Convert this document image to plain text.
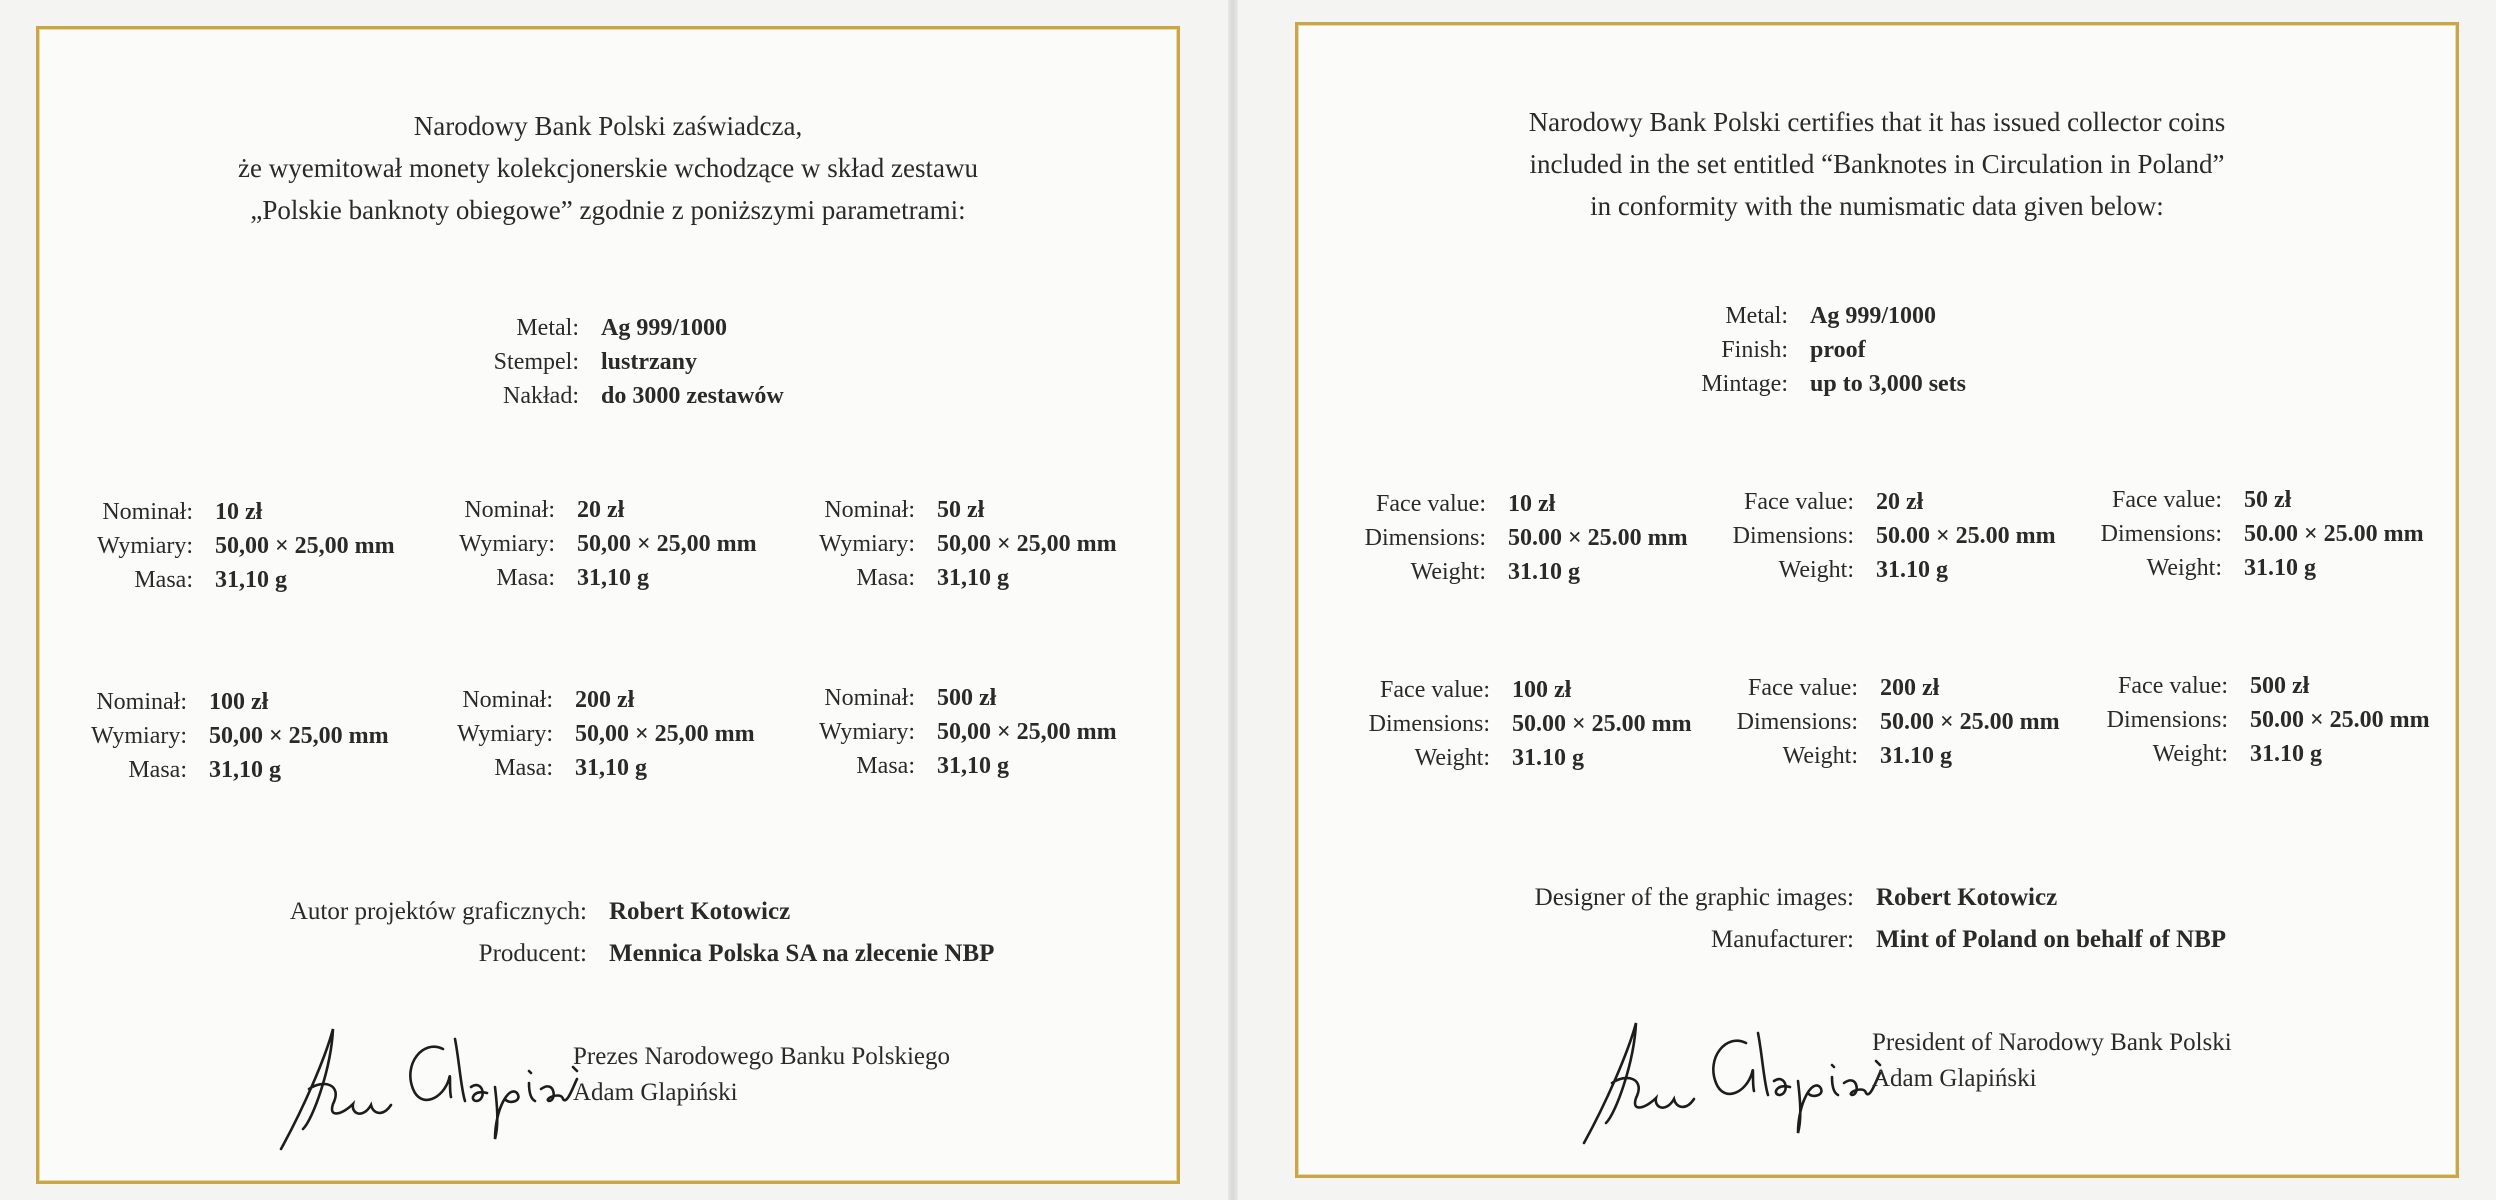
Narodowy Bank Polski zaświadcza,
że wyemitował monety kolekcjonerskie wchodzące w skład zestawu
„Polskie banknoty obiegowe” zgodnie z poniższymi parametrami:
Metal: Ag 999/1000
Stempel: lustrzany
Nakład: do 3000 zestawów
Nominał: 10 zł
Wymiary: 50,00 × 25,00 mm
Masa: 31,10 g
Nominał: 20 zł
Wymiary: 50,00 × 25,00 mm
Masa: 31,10 g
Nominał: 50 zł
Wymiary: 50,00 × 25,00 mm
Masa: 31,10 g
Nominał: 100 zł
Wymiary: 50,00 × 25,00 mm
Masa: 31,10 g
Nominał: 200 zł
Wymiary: 50,00 × 25,00 mm
Masa: 31,10 g
Nominał: 500 zł
Wymiary: 50,00 × 25,00 mm
Masa: 31,10 g
Autor projektów graficznych: Robert Kotowicz
Producent: Mennica Polska SA na zlecenie NBP
Prezes Narodowego Banku Polskiego
Adam Glapiński
Narodowy Bank Polski certifies that it has issued collector coins
included in the set entitled “Banknotes in Circulation in Poland”
in conformity with the numismatic data given below:
Metal: Ag 999/1000
Finish: proof
Mintage: up to 3,000 sets
Face value: 10 zł
Dimensions: 50.00 × 25.00 mm
Weight: 31.10 g
Face value: 20 zł
Dimensions: 50.00 × 25.00 mm
Weight: 31.10 g
Face value: 50 zł
Dimensions: 50.00 × 25.00 mm
Weight: 31.10 g
Face value: 100 zł
Dimensions: 50.00 × 25.00 mm
Weight: 31.10 g
Face value: 200 zł
Dimensions: 50.00 × 25.00 mm
Weight: 31.10 g
Face value: 500 zł
Dimensions: 50.00 × 25.00 mm
Weight: 31.10 g
Designer of the graphic images: Robert Kotowicz
Manufacturer: Mint of Poland on behalf of NBP
President of Narodowy Bank Polski
Adam Glapiński
